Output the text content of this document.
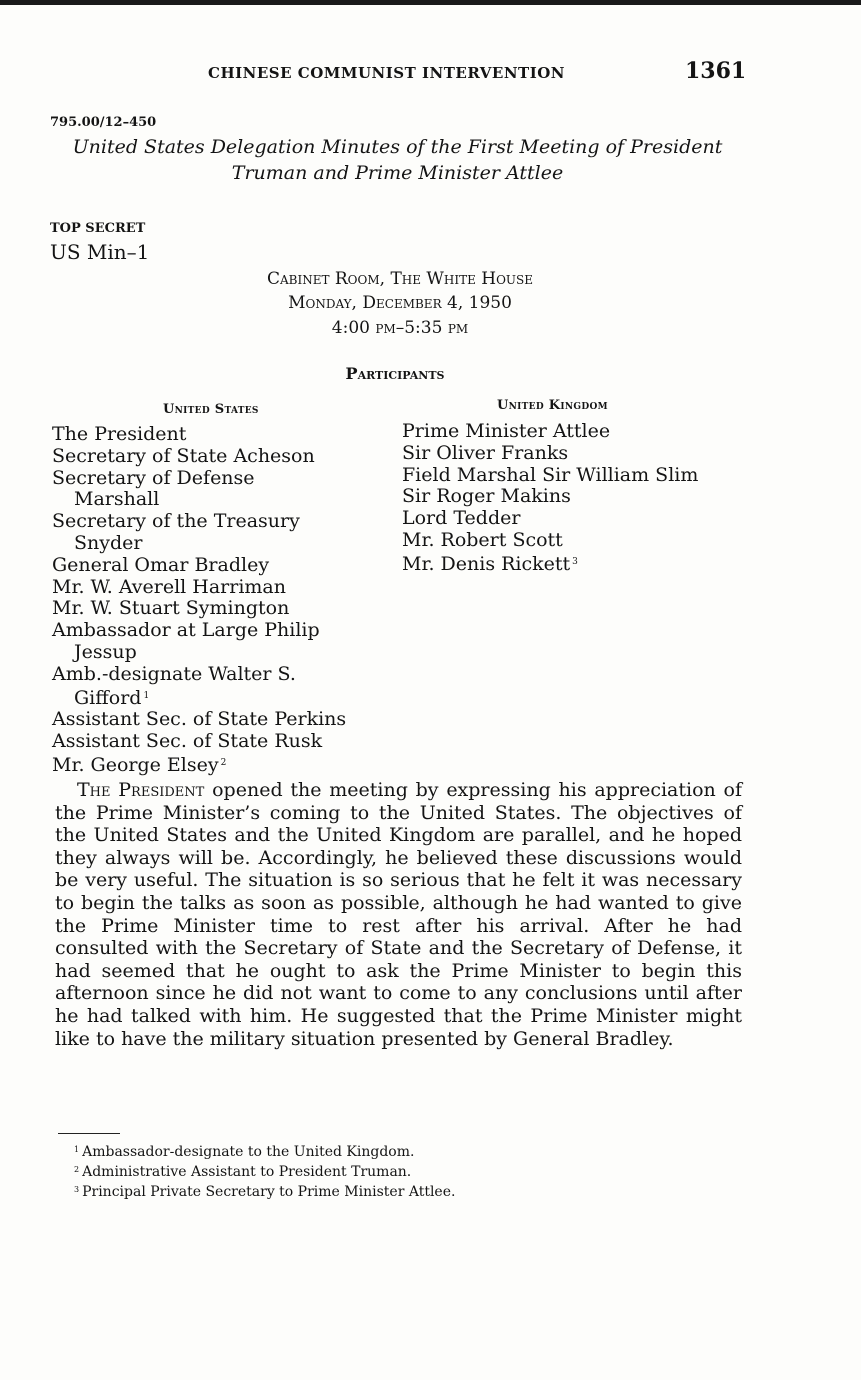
CHINESE COMMUNIST INTERVENTION	1361
795.00/12–450
United States Delegation Minutes of the First Meeting of President Truman and Prime Minister Attlee
TOP SECRET
US Min–1
Cabinet Room, The White House
Monday, December 4, 1950
4:00 pm–5:35 pm
Participants
United States	United Kingdom
The President
Secretary of State Acheson
Secretary of Defense
Marshall
Secretary of the Treasury
Snyder
General Omar Bradley
Mr. W. Averell Harriman
Mr. W. Stuart Symington
Ambassador at Large Philip
Jessup
Amb.-designate Walter S.
Gifford $^1$
Assistant Sec. of State Perkins
Assistant Sec. of State Rusk
Mr. George Elsey $^2$
Prime Minister Attlee
Sir Oliver Franks
Field Marshal Sir William Slim
Sir Roger Makins
Lord Tedder
Mr. Robert Scott
Mr. Denis Rickett $^3$

The President opened the meeting by expressing his appreciation of the Prime Minister’s coming to the United States. The objectives of the United States and the United Kingdom are parallel, and he hoped they always will be. Accordingly, he believed these discussions would be very useful. The situation is so serious that he felt it was necessary to begin the talks as soon as possible, although he had wanted to give the Prime Minister time to rest after his arrival. After he had consulted with the Secretary of State and the Secretary of Defense, it had seemed that he ought to ask the Prime Minister to begin this afternoon since he did not want to come to any conclusions until after he had talked with him. He suggested that the Prime Minister might like to have the military situation presented by General Bradley.

$^1$ Ambassador-designate to the United Kingdom.
$^2$ Administrative Assistant to President Truman.
$^3$ Principal Private Secretary to Prime Minister Attlee.
